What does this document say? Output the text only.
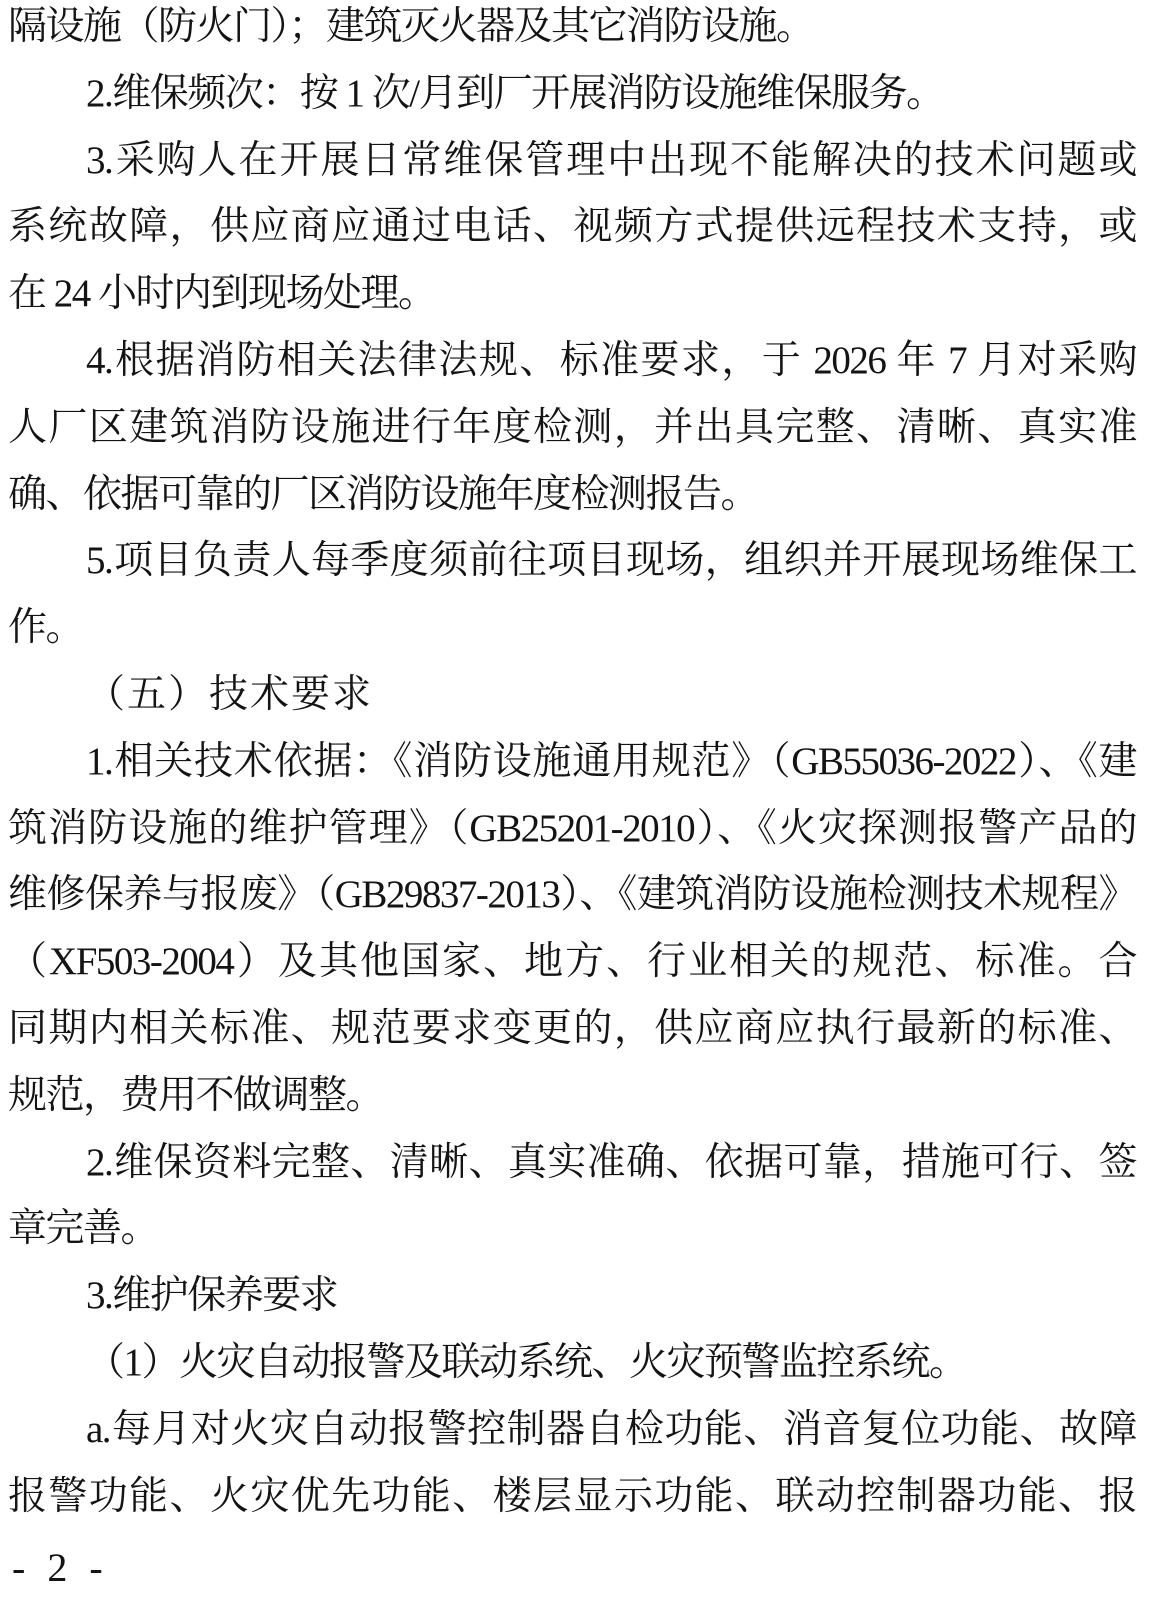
隔设施（防火门）；建筑灭火器及其它消防设施。
2.维保频次：按 1 次/月到厂开展消防设施维保服务。
3.采购人在开展日常维保管理中出现不能解决的技术问题或
系统故障，供应商应通过电话、视频方式提供远程技术支持，或
在 24 小时内到现场处理。
4.根据消防相关法律法规、标准要求，于 2026 年 7 月对采购
人厂区建筑消防设施进行年度检测，并出具完整、清晰、真实准
确、依据可靠的厂区消防设施年度检测报告。
5.项目负责人每季度须前往项目现场，组织并开展现场维保工
作。
（五）技术要求
1.相关技术依据：《消防设施通用规范》（GB55036-2022）、《建
筑消防设施的维护管理》（GB25201-2010）、《火灾探测报警产品的
维修保养与报废》（GB29837-2013）、《建筑消防设施检测技术规程》
（XF503-2004）及其他国家、地方、行业相关的规范、标准。合
同期内相关标准、规范要求变更的，供应商应执行最新的标准、
规范，费用不做调整。
2.维保资料完整、清晰、真实准确、依据可靠，措施可行、签
章完善。
3.维护保养要求
（1）火灾自动报警及联动系统、火灾预警监控系统。
a.每月对火灾自动报警控制器自检功能、消音复位功能、故障
报警功能、火灾优先功能、楼层显示功能、联动控制器功能、报
- 2 -
